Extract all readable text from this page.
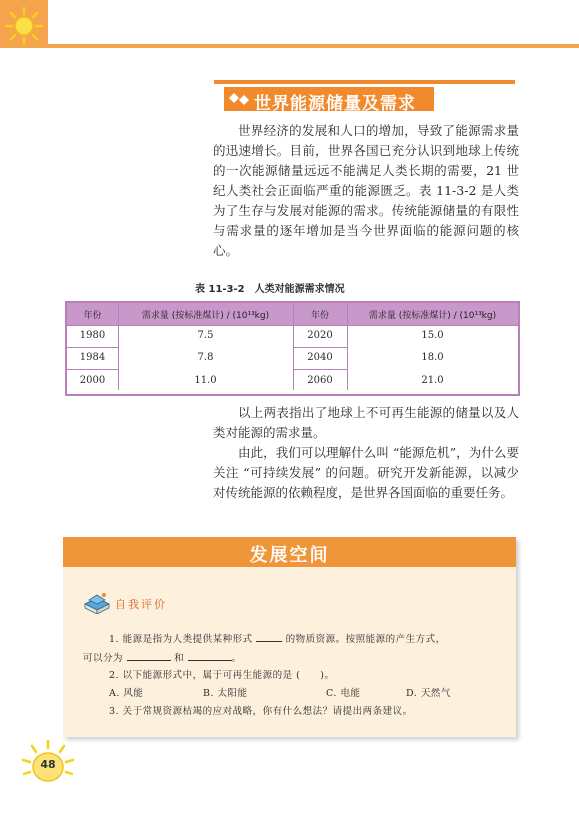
世界能源储量及需求

世界经济的发展和人口的增加，导致了能源需求量的迅速增长。目前，世界各国已充分认识到地球上传统的一次能源储量远远不能满足人类长期的需要，21 世纪人类社会正面临严重的能源匮乏。表 11-3-2 是人类为了生存与发展对能源的需求。传统能源储量的有限性与需求量的逐年增加是当今世界面临的能源问题的核心。

表 11-3-2　人类对能源需求情况
年份	需求量 (按标准煤计) / (10¹³kg)	年份	需求量 (按标准煤计) / (10¹³kg)
1980	7.5	2020	15.0
1984	7.8	2040	18.0
2000	11.0	2060	21.0

以上两表指出了地球上不可再生能源的储量以及人类对能源的需求量。

由此，我们可以理解什么叫 “能源危机”，为什么要关注 “可持续发展” 的问题。研究开发新能源，以减少对传统能源的依赖程度，是世界各国面临的重要任务。

发展空间
自我评价
1. 能源是指为人类提供某种形式	的物质资源。按照能源的产生方式，
可以分为	和	。
2. 以下能源形式中，属于可再生能源的是 (　　)。
A. 风能	B. 太阳能	C. 电能	D. 天然气
3. 关于常规资源枯竭的应对战略，你有什么想法？请提出两条建议。
48
